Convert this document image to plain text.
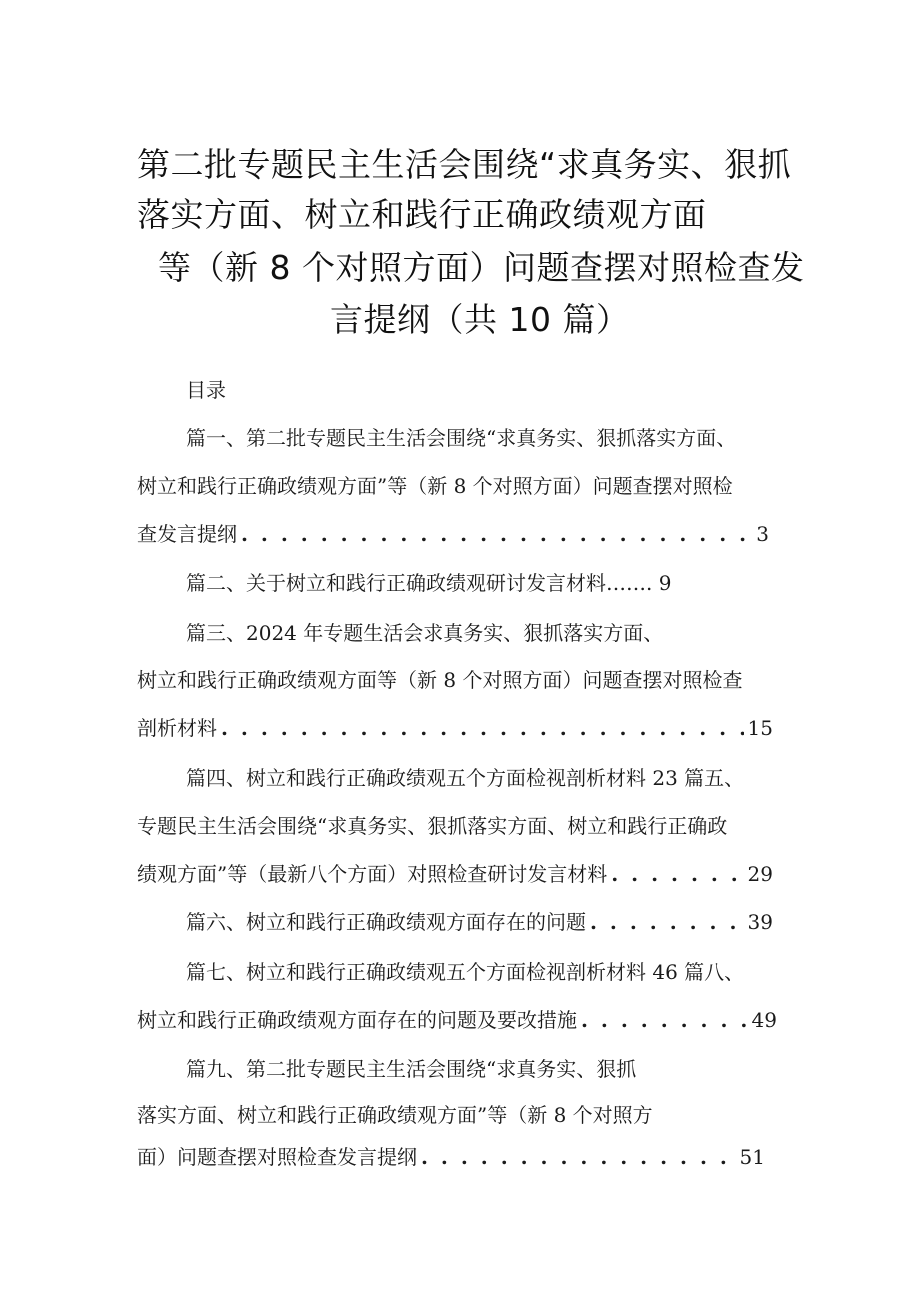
第二批专题民主生活会围绕“求真务实、狠抓
落实方面、树立和践行正确政绩观方面
等（新 8 个对照方面）问题查摆对照检查发
言提纲（共 10 篇）
目录
篇一、第二批专题民主生活会围绕“求真务实、狠抓落实方面、
树立和践行正确政绩观方面”等（新 8 个对照方面）问题查摆对照检
查发言提纲 . . .	3
篇二、关于树立和践行正确政绩观研讨发言材料……. 9
篇三、2024 年专题生活会求真务实、狠抓落实方面、
树立和践行正确政绩观方面等（新 8 个对照方面）问题查摆对照检查
剖析材料 . . .	15
篇四、树立和践行正确政绩观五个方面检视剖析材料 23 篇五、
专题民主生活会围绕“求真务实、狠抓落实方面、树立和践行正确政
绩观方面”等（最新八个方面）对照检查研讨发言材料 . . .	29
篇六、树立和践行正确政绩观方面存在的问题 . . .	39
篇七、树立和践行正确政绩观五个方面检视剖析材料 46 篇八、
树立和践行正确政绩观方面存在的问题及要改措施 . . .	49
篇九、第二批专题民主生活会围绕“求真务实、狠抓
落实方面、树立和践行正确政绩观方面”等（新 8 个对照方
面）问题查摆对照检查发言提纲 . . .	51
